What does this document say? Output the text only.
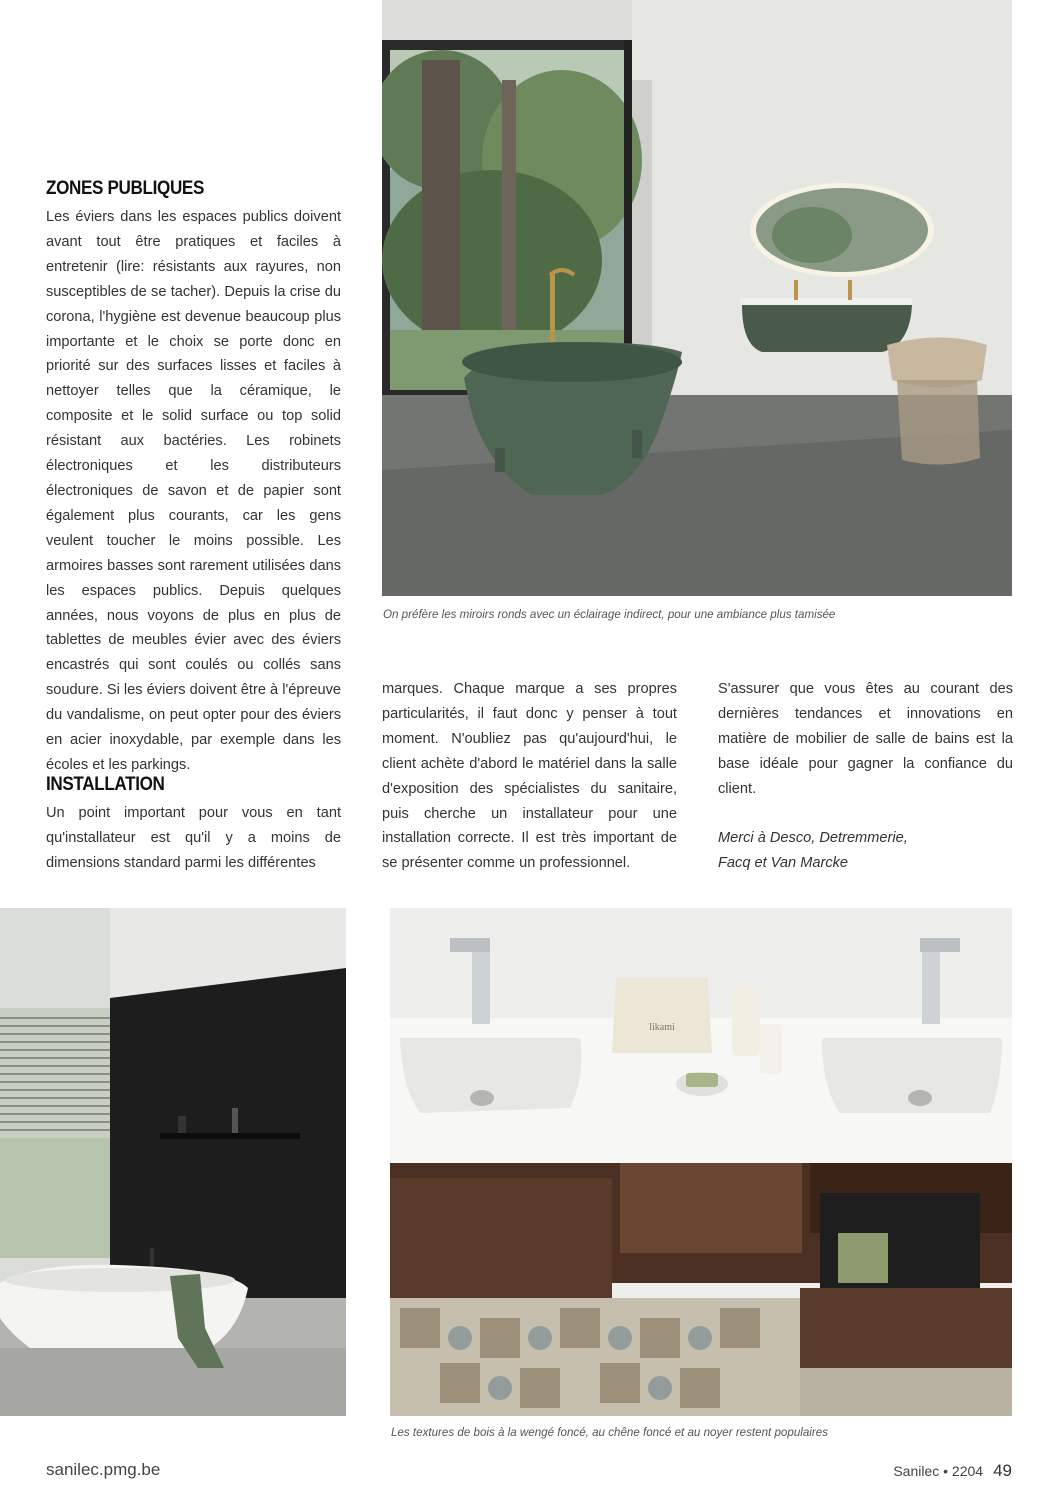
On préfère les miroirs ronds avec un éclairage indirect, pour une ambiance plus tamisée
ZONES PUBLIQUES

Les éviers dans les espaces publics doivent avant tout être pratiques et faciles à entretenir (lire: résistants aux rayures, non susceptibles de se tacher). Depuis la crise du corona, l'hygiène est devenue beaucoup plus importante et le choix se porte donc en priorité sur des surfaces lisses et faciles à nettoyer telles que la céramique, le composite et le solid surface ou top solid résistant aux bactéries. Les robinets électroniques et les distributeurs électroniques de savon et de papier sont également plus courants, car les gens veulent toucher le moins possible. Les armoires basses sont rarement utilisées dans les espaces publics. Depuis quelques années, nous voyons de plus en plus de tablettes de meubles évier avec des éviers encastrés qui sont coulés ou collés sans soudure. Si les éviers doivent être à l'épreuve du vandalisme, on peut opter pour des éviers en acier inoxydable, par exemple dans les écoles et les parkings.

INSTALLATION

Un point important pour vous en tant qu'installateur est qu'il y a moins de dimensions standard parmi les différentes

marques. Chaque marque a ses propres particularités, il faut donc y penser à tout moment. N'oubliez pas qu'aujourd'hui, le client achète d'abord le matériel dans la salle d'exposition des spécialistes du sanitaire, puis cherche un installateur pour une installation correcte. Il est très important de se présenter comme un professionnel.

S'assurer que vous êtes au courant des dernières tendances et innovations en matière de mobilier de salle de bains est la base idéale pour gagner la confiance du client.

Merci à Desco, Detremmerie,
Facq et Van Marcke
likami
Les textures de bois à la wengé foncé, au chêne foncé et au noyer restent populaires
sanilec.pmg.be	Sanilec • 2204 49
